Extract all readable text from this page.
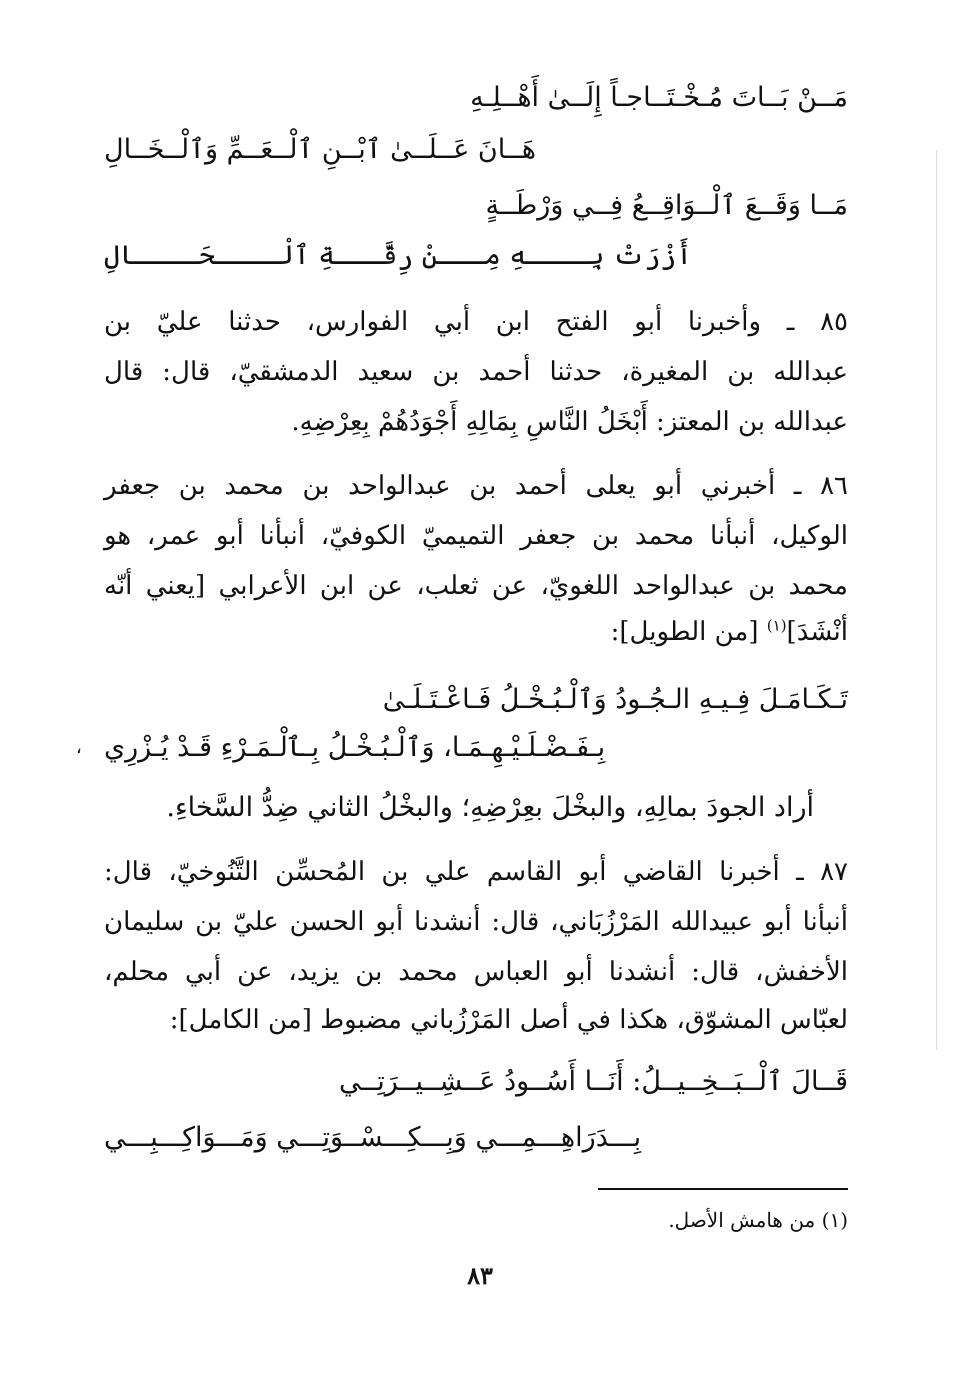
مَــنْ بَــاتَ مُـخْـتَــاجـاً إِلَــىٰ أَهْــلِـهِ
هَــانَ عَــلَــىٰ ٱبْــنِ ٱلْــعَــمِّ وَٱلْــخَــالِ
مَــا وَقَــعَ ٱلْــوَاقِــعُ فِــي وَرْطَــةٍ
أَزْرَتْ بِــــهِ مِـــنْ رِقَّـــةِ ٱلْــــحَــــالِ
٨٥ ـ وأخبرنا أبو الفتح ابن أبي الفوارس، حدثنا عليّ بن
عبدالله بن المغيرة، حدثنا أحمد بن سعيد الدمشقيّ، قال: قال
عبدالله بن المعتز: أَبْخَلُ النَّاسِ بِمَالِهِ أَجْوَدُهُمْ بِعِرْضِهِ.
٨٦ ـ أخبرني أبو يعلى أحمد بن عبدالواحد بن محمد بن جعفر
الوكيل، أنبأنا محمد بن جعفر التميميّ الكوفيّ، أنبأنا أبو عمر، هو
محمد بن عبدالواحد اللغويّ، عن ثعلب، عن ابن الأعرابي [يعني أنّه
أنْشَدَ]$^{(١)}$ [من الطويل]:
تَـكَـامَـلَ فِـيـهِ الـجُـودُ وَٱلْـبُـخْـلُ فَـاعْـتَـلَـىٰ
بِـفَـضْـلَـيْـهِـمَـا، وَٱلْـبُـخْـلُ بِـٱلْـمَـرْءِ قَـدْ يُـزْرِي
،
أراد الجودَ بمالِهِ، والبخْلَ بعِرْضِهِ؛ والبخْلُ الثاني ضِدُّ السَّخاءِ.
٨٧ ـ أخبرنا القاضي أبو القاسم علي بن المُحسِّن التَّنُوخيّ، قال:
أنبأنا أبو عبيدالله المَرْزُبَاني، قال: أنشدنا أبو الحسن عليّ بن سليمان
الأخفش، قال: أنشدنا أبو العباس محمد بن يزيد، عن أبي محلم،
لعبّاس المشوّق، هكذا في أصل المَرْزُباني مضبوط [من الكامل]:
قَــالَ ٱلْــبَــخِــيــلُ: أَنَــا أَسُــودُ عَــشِــيــرَتِــي
بِـــدَرَاهِـــمِـــي وَبِـــكِـــسْــوَتِـــي وَمَـــوَاكِـــبِـــي
(١) من هامش الأصل.
٨٣
